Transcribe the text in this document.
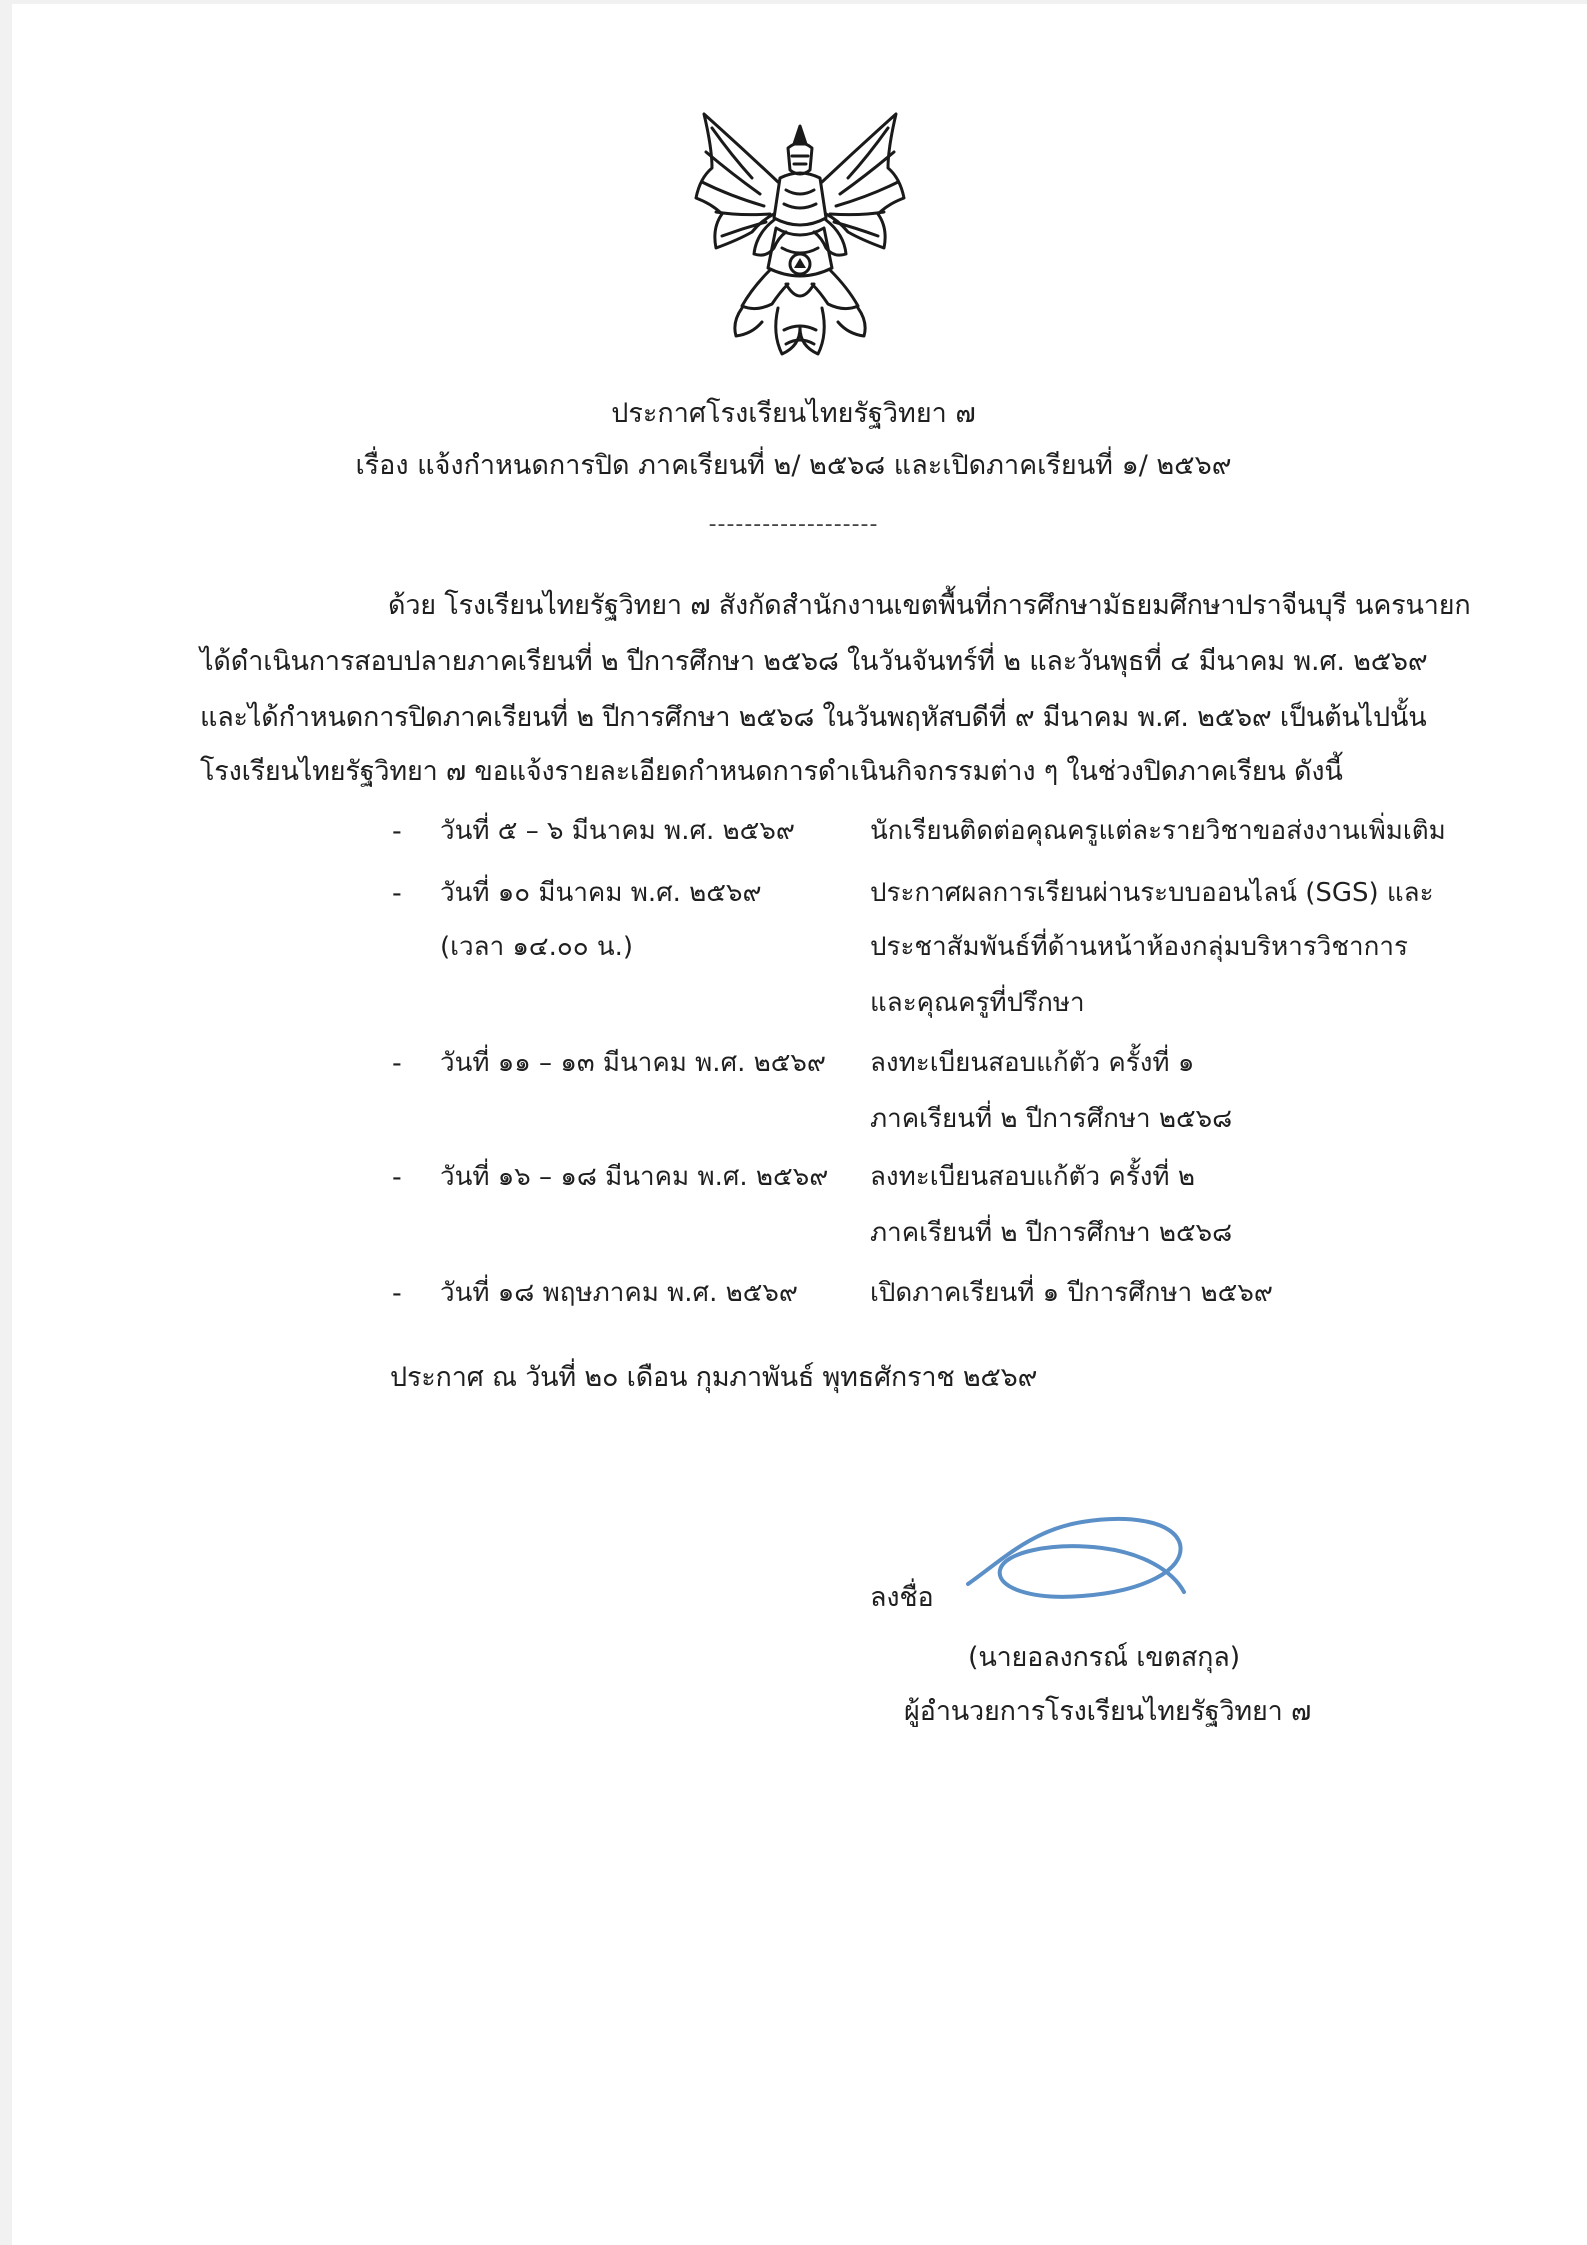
ประกาศโรงเรียนไทยรัฐวิทยา ๗

เรื่อง แจ้งกำหนดการปิด ภาคเรียนที่ ๒/ ๒๕๖๘ และเปิดภาคเรียนที่ ๑/ ๒๕๖๙

-------------------

ด้วย โรงเรียนไทยรัฐวิทยา ๗ สังกัดสำนักงานเขตพื้นที่การศึกษามัธยมศึกษาปราจีนบุรี นครนายก

ได้ดำเนินการสอบปลายภาคเรียนที่ ๒ ปีการศึกษา ๒๕๖๘ ในวันจันทร์ที่ ๒ และวันพุธที่ ๔ มีนาคม พ.ศ. ๒๕๖๙

และได้กำหนดการปิดภาคเรียนที่ ๒ ปีการศึกษา ๒๕๖๘ ในวันพฤหัสบดีที่ ๙ มีนาคม พ.ศ. ๒๕๖๙ เป็นต้นไปนั้น

โรงเรียนไทยรัฐวิทยา ๗ ขอแจ้งรายละเอียดกำหนดการดำเนินกิจกรรมต่าง ๆ ในช่วงปิดภาคเรียน ดังนี้

- วันที่ ๕ – ๖ มีนาคม พ.ศ. ๒๕๖๙	นักเรียนติดต่อคุณครูแต่ละรายวิชาขอส่งงานเพิ่มเติม

- วันที่ ๑๐ มีนาคม พ.ศ. ๒๕๖๙

(เวลา ๑๔.๐๐ น.)

ประกาศผลการเรียนผ่านระบบออนไลน์ (SGS) และ

ประชาสัมพันธ์ที่ด้านหน้าห้องกลุ่มบริหารวิชาการ

และคุณครูที่ปรึกษา

- วันที่ ๑๑ – ๑๓ มีนาคม พ.ศ. ๒๕๖๙ ลงทะเบียนสอบแก้ตัว ครั้งที่ ๑

ภาคเรียนที่ ๒ ปีการศึกษา ๒๕๖๘

- วันที่ ๑๖ – ๑๘ มีนาคม พ.ศ. ๒๕๖๙ ลงทะเบียนสอบแก้ตัว ครั้งที่ ๒

ภาคเรียนที่ ๒ ปีการศึกษา ๒๕๖๘

- วันที่ ๑๘ พฤษภาคม พ.ศ. ๒๕๖๙	เปิดภาคเรียนที่ ๑ ปีการศึกษา ๒๕๖๙

ประกาศ ณ วันที่ ๒๐ เดือน กุมภาพันธ์ พุทธศักราช ๒๕๖๙

ลงชื่อ

(นายอลงกรณ์ เขตสกุล)

ผู้อำนวยการโรงเรียนไทยรัฐวิทยา ๗
